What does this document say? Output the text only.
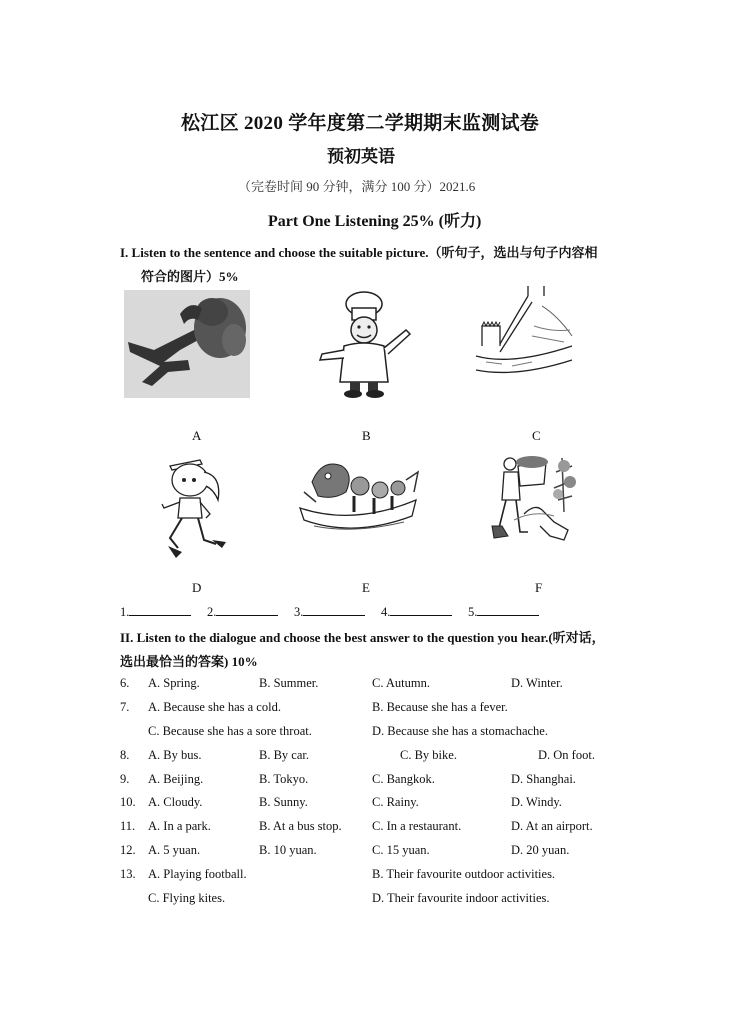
松江区 2020 学年度第二学期期末监测试卷
预初英语
（完卷时间 90 分钟，满分 100 分）2021.6
Part One Listening 25% (听力)
I. Listen to the sentence and choose the suitable picture.（听句子，选出与句子内容相
符合的图片）5%
A	B	C
D	E	F
1.	2.	3.	4.	5.
II. Listen to the dialogue and choose the best answer to the question you hear.(听对话，
选出最恰当的答案) 10%
6. A. Spring.	B. Summer.	C. Autumn.	D. Winter.
7. A. Because she has a cold.	B. Because she has a fever.
C. Because she has a sore throat.	D. Because she has a stomachache.
8. A. By bus.	B. By car.	C. By bike.	D. On foot.
9. A. Beijing.	B. Tokyo.	C. Bangkok.	D. Shanghai.
10. A. Cloudy.	B. Sunny.	C. Rainy.	D. Windy.
11. A. In a park.	B. At a bus stop. C. In a restaurant.	D. At an airport.
12. A. 5 yuan.	B. 10 yuan.	C. 15 yuan.	D. 20 yuan.
13. A. Playing football.	B. Their favourite outdoor activities.
C. Flying kites.	D. Their favourite indoor activities.
